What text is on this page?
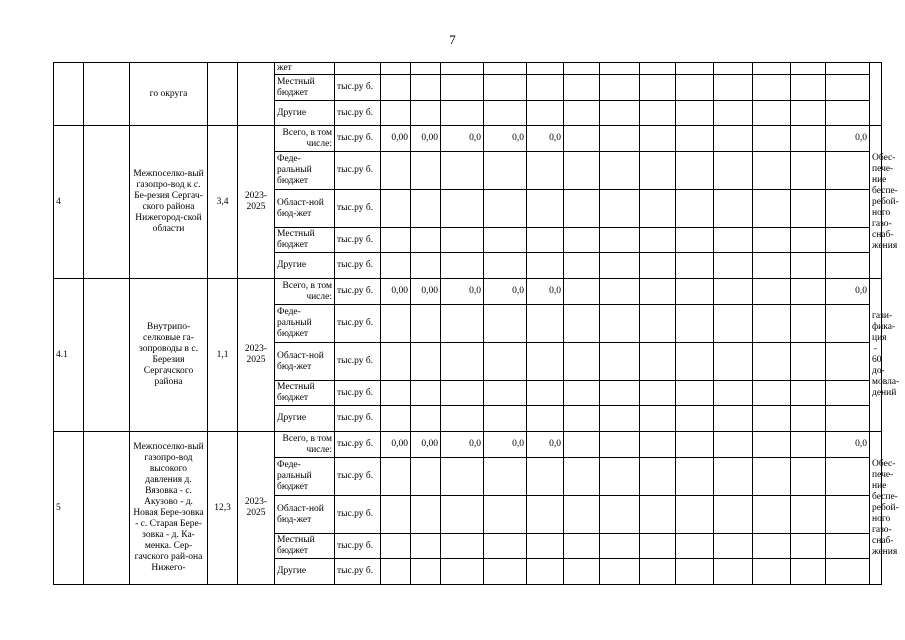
7
		го округа			жет															
					Местный бюджет	тыс.ру б.														
					Другие	тыс.ру б.														
4		Межпоселко-вый газопро-вод к с. Бе-резия Сергач-ского района Нижегород-ской области	3,4	2023-2025	Всего, в том числе:	тыс.ру б.	0,00	0,00	0,0	0,0	0,0								0,0	Обес-пече-ние беспе-ребой-ного газо-снаб-жения
					Феде-ральный бюджет	тыс.ру б.														
					Област-ной бюд-жет	тыс.ру б.														
					Местный бюджет	тыс.ру б.														
					Другие	тыс.ру б.														
4.1		Внутрипо-селковые га-зопроводы в с. Березия Сергачского района	1,1	2023-2025	Всего, в том числе:	тыс.ру б.	0,00	0,00	0,0	0,0	0,0								0,0	гази-фика-ция - 60 до-мовла-дений
					Феде-ральный бюджет	тыс.ру б.														
					Област-ной бюд-жет	тыс.ру б.														
					Местный бюджет	тыс.ру б.														
					Другие	тыс.ру б.														
5		Межпоселко-вый газопро-вод высокого давления д. Вязовка - с. Акузово - д. Новая Бере-зовка - с. Старая Бере-зовка - д. Ка-менка. Сер-гачского рай-она Нижего-	12,3	2023-2025	Всего, в том числе:	тыс.ру б.	0,00	0,00	0,0	0,0	0,0								0,0	Обес-пече-ние беспе-ребой-ного газо-снаб-жения
					Феде-ральный бюджет	тыс.ру б.														
					Област-ной бюд-жет	тыс.ру б.														
					Местный бюджет	тыс.ру б.														
					Другие	тыс.ру б.														
